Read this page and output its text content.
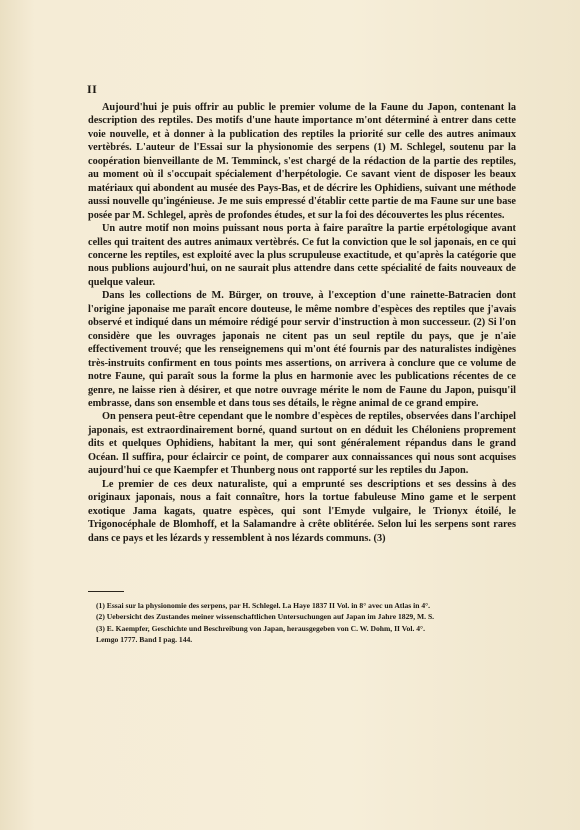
II

Aujourd'hui je puis offrir au public le premier volume de la Faune du Japon, contenant la description des reptiles. Des motifs d'une haute importance m'ont déterminé à entrer dans cette voie nouvelle, et à donner à la publication des reptiles la priorité sur celle des autres animaux vertèbrés. L'auteur de l'Essai sur la physionomie des serpens (1) M. Schlegel, soutenu par la coopération bienveillante de M. Temminck, s'est chargé de la rédaction de la partie des reptiles, au moment où il s'occupait spécialement d'herpétologie. Ce savant vient de disposer les beaux matériaux qui abondent au musée des Pays-Bas, et de décrire les Ophidiens, suivant une méthode aussi nouvelle qu'ingénieuse. Je me suis empressé d'établir cette partie de ma Faune sur une base posée par M. Schlegel, après de profondes études, et sur la foi des découvertes les plus récentes.

Un autre motif non moins puissant nous porta à faire paraître la partie erpétologique avant celles qui traitent des autres animaux vertèbrés. Ce fut la conviction que le sol japonais, en ce qui concerne les reptiles, est exploité avec la plus scrupuleuse exactitude, et qu'après la catégorie que nous publions aujourd'hui, on ne saurait plus attendre dans cette spécialité de faits nouveaux de quelque valeur.

Dans les collections de M. Bürger, on trouve, à l'exception d'une rainette-Batracien dont l'origine japonaise me paraît encore douteuse, le même nombre d'espèces des reptiles que j'avais observé et indiqué dans un mémoire rédigé pour servir d'instruction à mon successeur. (2) Si l'on considère que les ouvrages japonais ne citent pas un seul reptile du pays, que je n'aie effectivement trouvé; que les renseignemens qui m'ont été fournis par des naturalistes indigènes très-instruits confirment en tous points mes assertions, on arrivera à conclure que ce volume de notre Faune, qui paraît sous la forme la plus en harmonie avec les publications récentes de ce genre, ne laisse rien à désirer, et que notre ouvrage mérite le nom de Faune du Japon, puisqu'il embrasse, dans son ensemble et dans tous ses détails, le règne animal de ce grand empire.

On pensera peut-être cependant que le nombre d'espèces de reptiles, observées dans l'archipel japonais, est extraordinairement borné, quand surtout on en déduit les Chéloniens proprement dits et quelques Ophidiens, habitant la mer, qui sont généralement répandus dans le grand Océan. Il suffira, pour éclaircir ce point, de comparer aux connaissances qui nous sont acquises aujourd'hui ce que Kaempfer et Thunberg nous ont rapporté sur les reptiles du Japon.

Le premier de ces deux naturaliste, qui a emprunté ses descriptions et ses dessins à des originaux japonais, nous a fait connaître, hors la tortue fabuleuse Mino game et le serpent exotique Jama kagats, quatre espèces, qui sont l'Emyde vulgaire, le Trionyx étoilé, le Trigonocéphale de Blomhoff, et la Salamandre à crête oblitérée. Selon lui les serpens sont rares dans ce pays et les lézards y ressemblent à nos lézards communs. (3)

(1) Essai sur la physionomie des serpens, par H. Schlegel. La Haye 1837 II Vol. in 8° avec un Atlas in 4°.

(2) Uebersicht des Zustandes meiner wissenschaftlichen Untersuchungen auf Japan im Jahre 1829, M. S.

(3) E. Kaempfer, Geschichte und Beschreibung von Japan, herausgegeben von C. W. Dohm, II Vol. 4°.

Lemgo 1777. Band I pag. 144.
